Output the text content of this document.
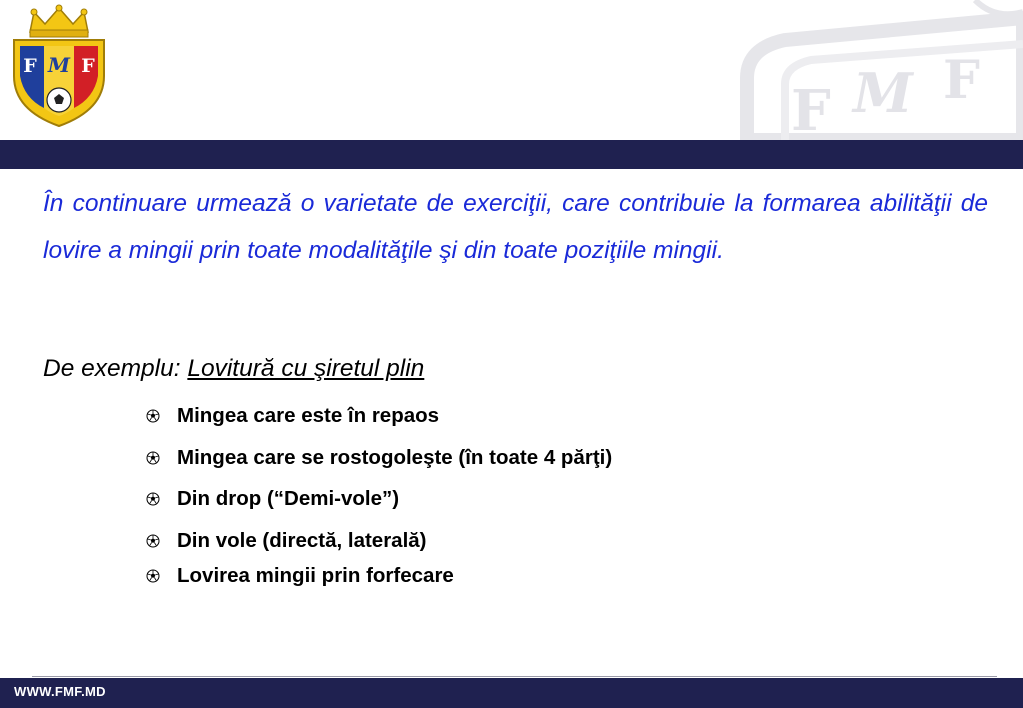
F F
M
F M F

În continuare urmează o varietate de exerciţii, care contribuie la formarea abilităţii de lovire a mingii prin toate modalităţile şi din toate poziţiile mingii.

De exemplu: Lovitură cu şiretul plin

Mingea care este în repaos
Mingea care se rostogoleşte (în toate 4 părţi)
Din drop (“Demi-vole”)
Din vole (directă, laterală)
Lovirea mingii prin forfecare
WWW.FMF.MD
